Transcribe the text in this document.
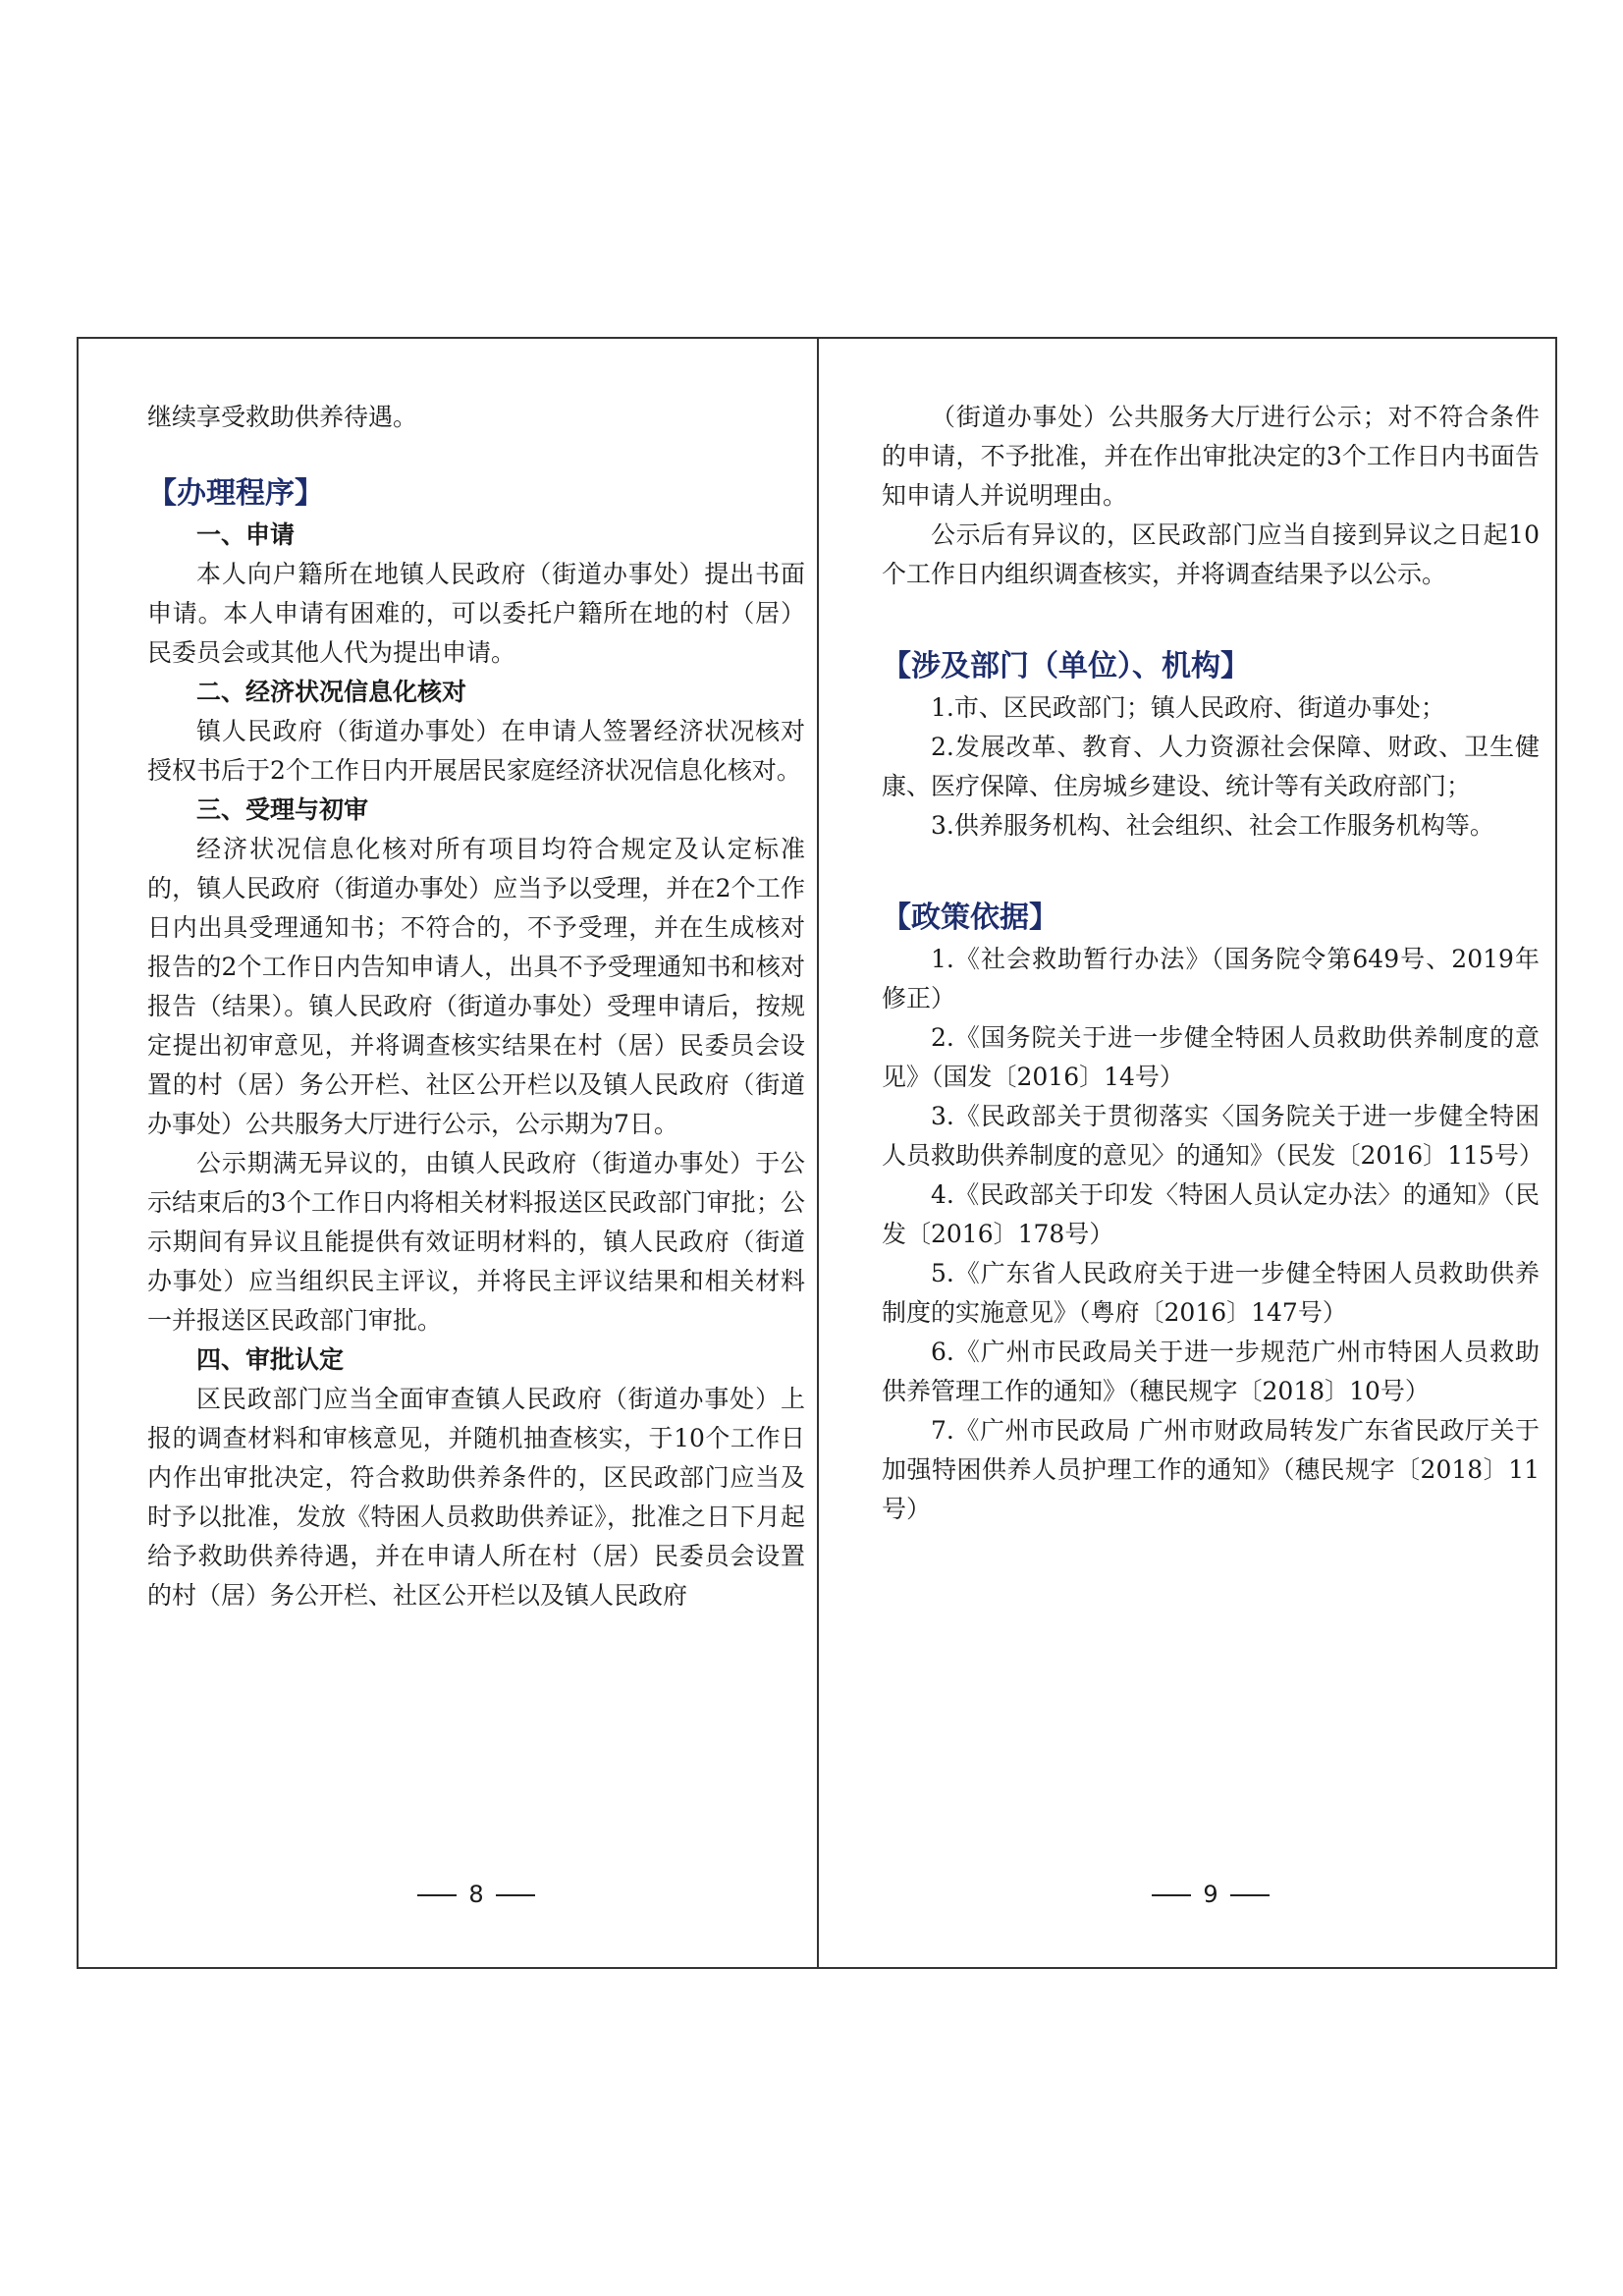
继续享受救助供养待遇。

【办理程序】

一、申请

本人向户籍所在地镇人民政府（街道办事处）提出书面申请。本人申请有困难的，可以委托户籍所在地的村（居）民委员会或其他人代为提出申请。

二、经济状况信息化核对

镇人民政府（街道办事处）在申请人签署经济状况核对授权书后于2个工作日内开展居民家庭经济状况信息化核对。

三、受理与初审

经济状况信息化核对所有项目均符合规定及认定标准的，镇人民政府（街道办事处）应当予以受理，并在2个工作日内出具受理通知书；不符合的，不予受理，并在生成核对报告的2个工作日内告知申请人，出具不予受理通知书和核对报告（结果）。镇人民政府（街道办事处）受理申请后，按规定提出初审意见，并将调查核实结果在村（居）民委员会设置的村（居）务公开栏、社区公开栏以及镇人民政府（街道办事处）公共服务大厅进行公示，公示期为7日。

公示期满无异议的，由镇人民政府（街道办事处）于公示结束后的3个工作日内将相关材料报送区民政部门审批；公示期间有异议且能提供有效证明材料的，镇人民政府（街道办事处）应当组织民主评议，并将民主评议结果和相关材料一并报送区民政部门审批。

四、审批认定

区民政部门应当全面审查镇人民政府（街道办事处）上报的调查材料和审核意见，并随机抽查核实，于10个工作日内作出审批决定，符合救助供养条件的，区民政部门应当及时予以批准，发放《特困人员救助供养证》，批准之日下月起给予救助供养待遇，并在申请人所在村（居）民委员会设置的村（居）务公开栏、社区公开栏以及镇人民政府

8

（街道办事处）公共服务大厅进行公示；对不符合条件的申请，不予批准，并在作出审批决定的3个工作日内书面告知申请人并说明理由。

公示后有异议的，区民政部门应当自接到异议之日起10个工作日内组织调查核实，并将调查结果予以公示。

【涉及部门（单位）、机构】

1.市、区民政部门；镇人民政府、街道办事处；

2.发展改革、教育、人力资源社会保障、财政、卫生健康、医疗保障、住房城乡建设、统计等有关政府部门；

3.供养服务机构、社会组织、社会工作服务机构等。

【政策依据】

1.《社会救助暂行办法》（国务院令第649号、2019年修正）

2.《国务院关于进一步健全特困人员救助供养制度的意见》（国发〔2016〕14号）

3.《民政部关于贯彻落实〈国务院关于进一步健全特困人员救助供养制度的意见〉的通知》（民发〔2016〕115号）

4.《民政部关于印发〈特困人员认定办法〉的通知》（民发〔2016〕178号）

5.《广东省人民政府关于进一步健全特困人员救助供养制度的实施意见》（粤府〔2016〕147号）

6.《广州市民政局关于进一步规范广州市特困人员救助供养管理工作的通知》（穗民规字〔2018〕10号）

7.《广州市民政局 广州市财政局转发广东省民政厅关于加强特困供养人员护理工作的通知》（穗民规字〔2018〕11号）

9
